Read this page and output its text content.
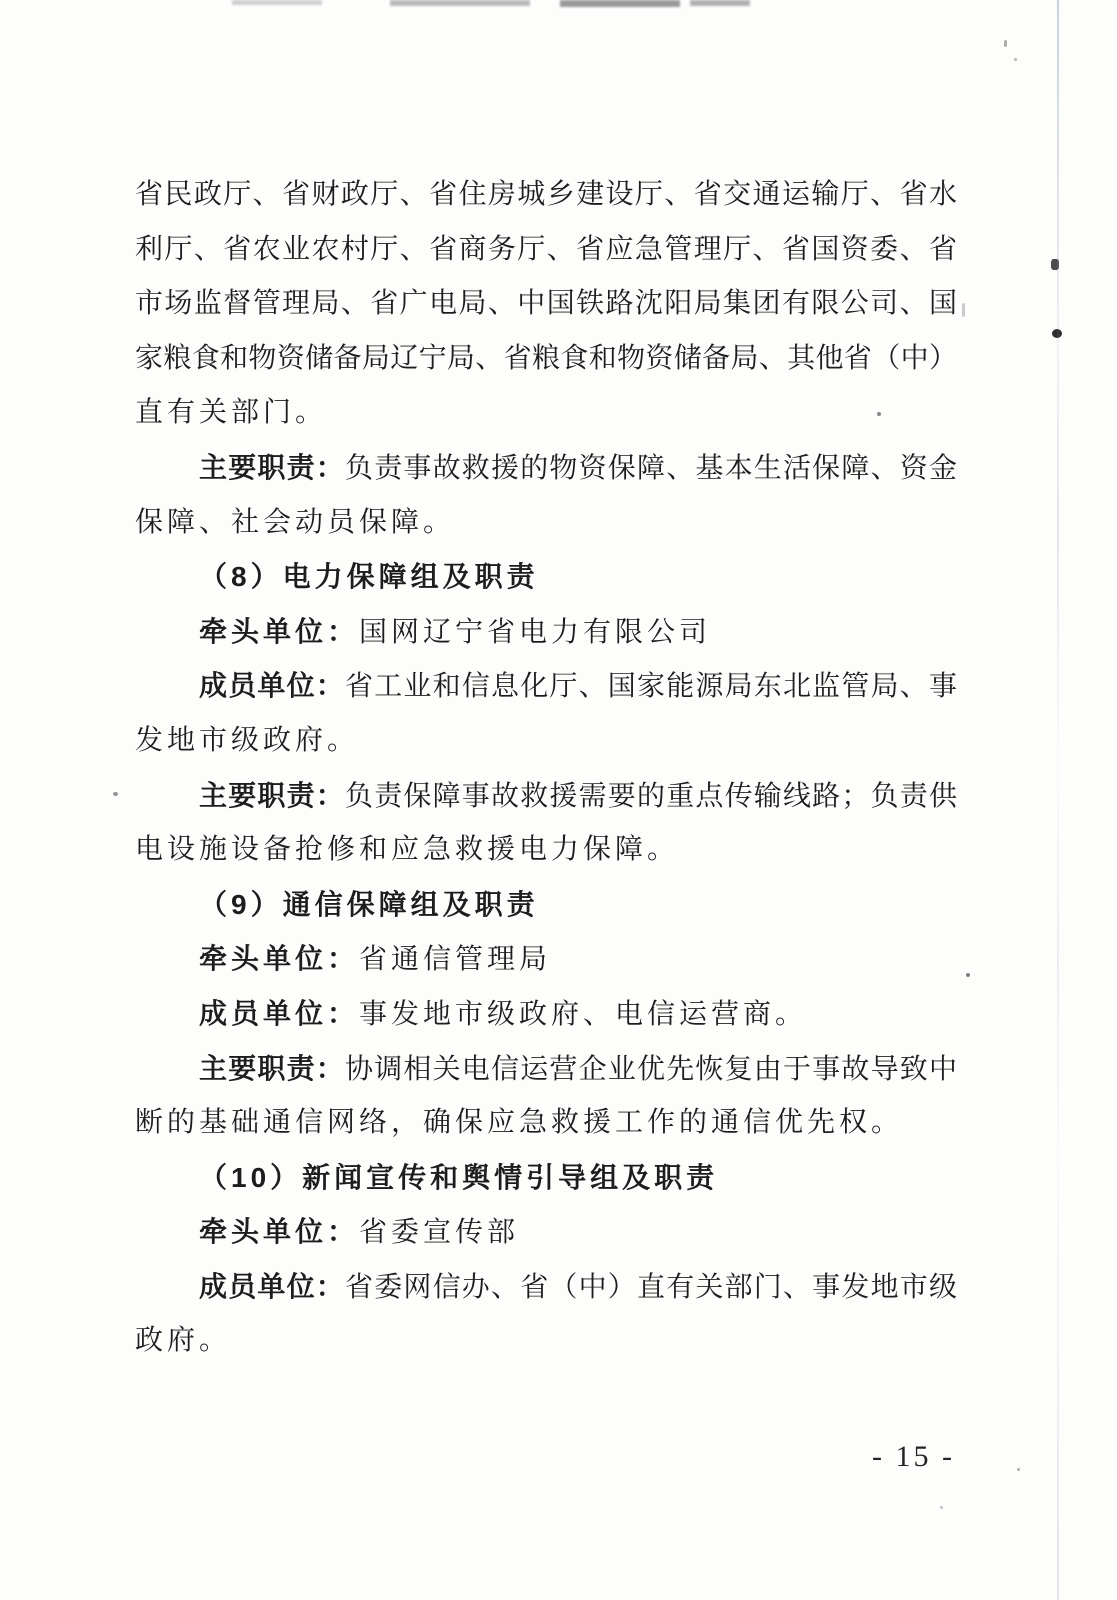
省民政厅、省财政厅、省住房城乡建设厅、省交通运输厅、省水
利厅、省农业农村厅、省商务厅、省应急管理厅、省国资委、省
市场监督管理局、省广电局、中国铁路沈阳局集团有限公司、国
家粮食和物资储备局辽宁局、省粮食和物资储备局、其他省（中）
直有关部门。
主要职责：负责事故救援的物资保障、基本生活保障、资金
保障、社会动员保障。
（8）电力保障组及职责
牵头单位：国网辽宁省电力有限公司
成员单位：省工业和信息化厅、国家能源局东北监管局、事
发地市级政府。
主要职责：负责保障事故救援需要的重点传输线路；负责供
电设施设备抢修和应急救援电力保障。
（9）通信保障组及职责
牵头单位：省通信管理局
成员单位：事发地市级政府、电信运营商。
主要职责：协调相关电信运营企业优先恢复由于事故导致中
断的基础通信网络，确保应急救援工作的通信优先权。
（10）新闻宣传和舆情引导组及职责
牵头单位：省委宣传部
成员单位：省委网信办、省（中）直有关部门、事发地市级
政府。
- 15 -
